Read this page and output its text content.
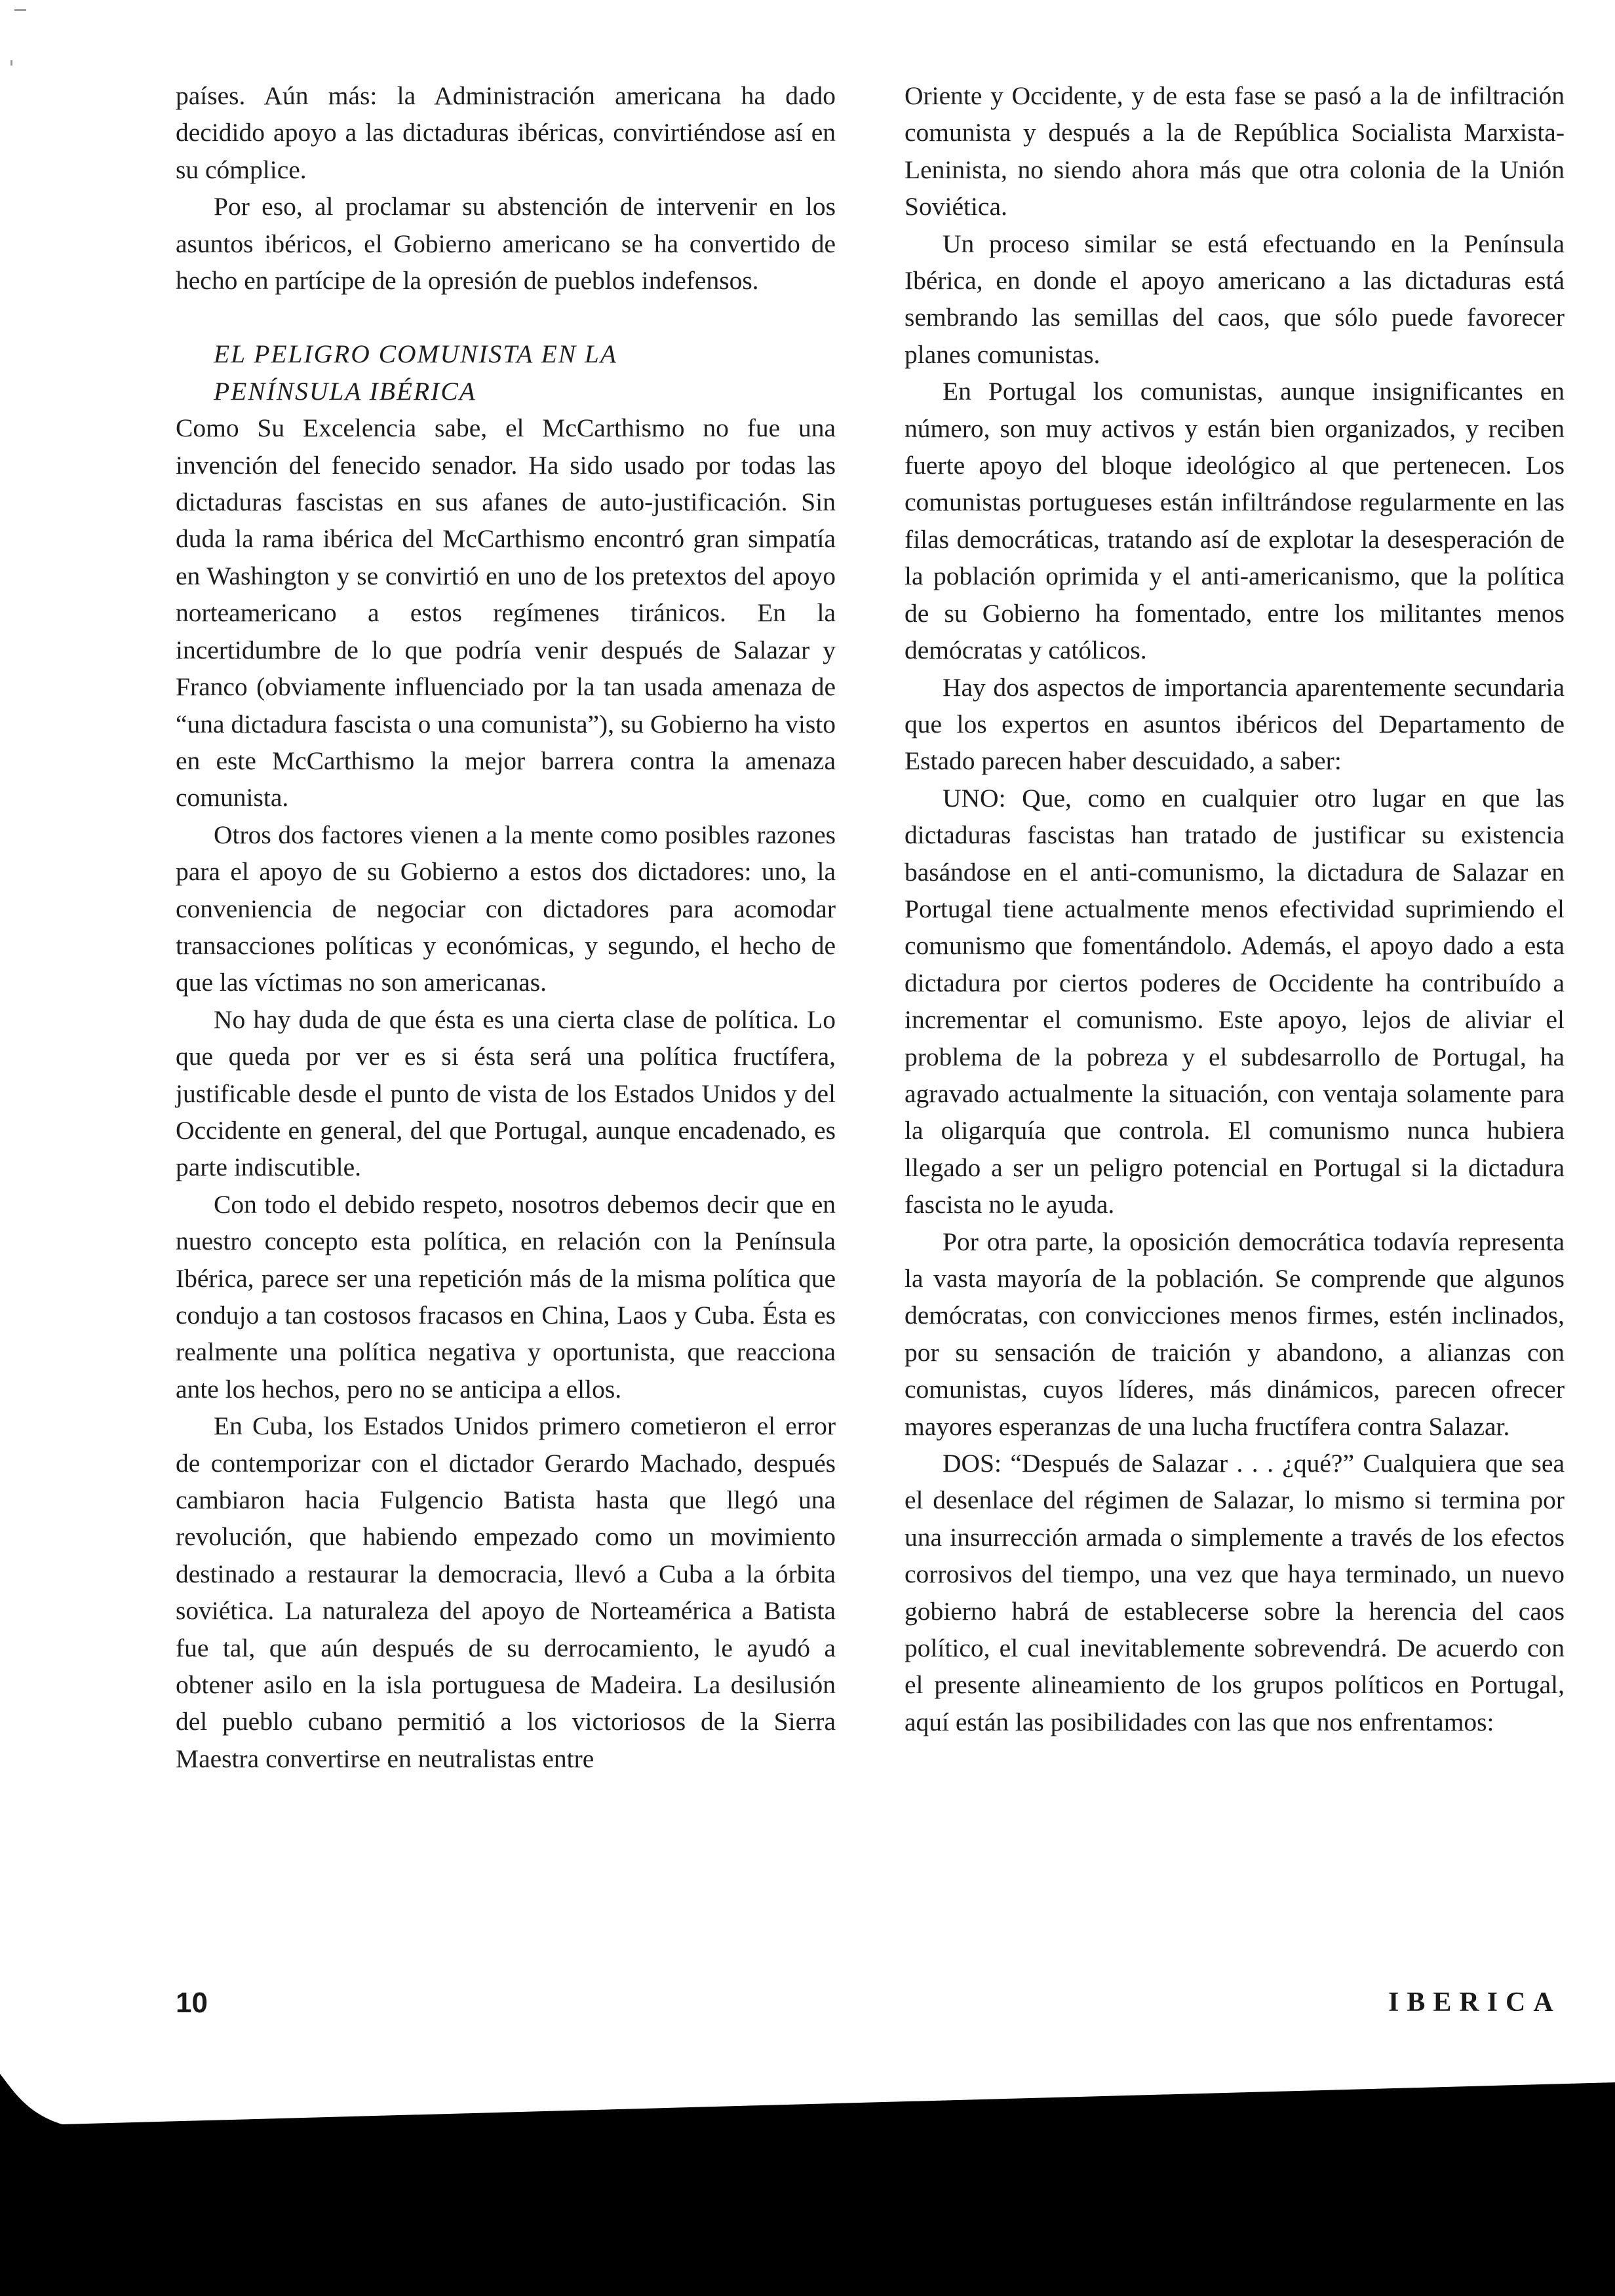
países. Aún más: la Administración americana ha dado decidido apoyo a las dictaduras ibéricas, convirtiéndose así en su cómplice.

Por eso, al proclamar su abstención de intervenir en los asuntos ibéricos, el Gobierno americano se ha convertido de hecho en partícipe de la opresión de pueblos indefensos.

EL PELIGRO COMUNISTA EN LA

PENÍNSULA IBÉRICA

Como Su Excelencia sabe, el McCarthismo no fue una invención del fenecido senador. Ha sido usado por todas las dictaduras fascistas en sus afanes de auto-justificación. Sin duda la rama ibérica del McCarthismo encontró gran simpatía en Washington y se convirtió en uno de los pretextos del apoyo norteamericano a estos regímenes tiránicos. En la incertidumbre de lo que podría venir después de Salazar y Franco (obviamente influenciado por la tan usada amenaza de “una dictadura fascista o una comunista”), su Gobierno ha visto en este McCarthismo la mejor barrera contra la amenaza comunista.

Otros dos factores vienen a la mente como posibles razones para el apoyo de su Gobierno a estos dos dictadores: uno, la conveniencia de negociar con dictadores para acomodar transacciones políticas y económicas, y segundo, el hecho de que las víctimas no son americanas.

No hay duda de que ésta es una cierta clase de política. Lo que queda por ver es si ésta será una política fructífera, justificable desde el punto de vista de los Estados Unidos y del Occidente en general, del que Portugal, aunque encadenado, es parte indiscutible.

Con todo el debido respeto, nosotros debemos decir que en nuestro concepto esta política, en relación con la Península Ibérica, parece ser una repetición más de la misma política que condujo a tan costosos fracasos en China, Laos y Cuba. Ésta es realmente una política negativa y oportunista, que reacciona ante los hechos, pero no se anticipa a ellos.

En Cuba, los Estados Unidos primero cometieron el error de contemporizar con el dictador Gerardo Machado, después cambiaron hacia Fulgencio Batista hasta que llegó una revolución, que habiendo empezado como un movimiento destinado a restaurar la democracia, llevó a Cuba a la órbita soviética. La naturaleza del apoyo de Norteamérica a Batista fue tal, que aún después de su derrocamiento, le ayudó a obtener asilo en la isla portuguesa de Madeira. La desilusión del pueblo cubano permitió a los victoriosos de la Sierra Maestra convertirse en neutralistas entre

Oriente y Occidente, y de esta fase se pasó a la de infiltración comunista y después a la de República Socialista Marxista-Leninista, no siendo ahora más que otra colonia de la Unión Soviética.

Un proceso similar se está efectuando en la Península Ibérica, en donde el apoyo americano a las dictaduras está sembrando las semillas del caos, que sólo puede favorecer planes comunistas.

En Portugal los comunistas, aunque insignificantes en número, son muy activos y están bien organizados, y reciben fuerte apoyo del bloque ideológico al que pertenecen. Los comunistas portugueses están infiltrándose regularmente en las filas democráticas, tratando así de explotar la desesperación de la población oprimida y el anti-americanismo, que la política de su Gobierno ha fomentado, entre los militantes menos demócratas y católicos.

Hay dos aspectos de importancia aparentemente secundaria que los expertos en asuntos ibéricos del Departamento de Estado parecen haber descuidado, a saber:

UNO: Que, como en cualquier otro lugar en que las dictaduras fascistas han tratado de justificar su existencia basándose en el anti-comunismo, la dictadura de Salazar en Portugal tiene actualmente menos efectividad suprimiendo el comunismo que fomentándolo. Además, el apoyo dado a esta dictadura por ciertos poderes de Occidente ha contribuído a incrementar el comunismo. Este apoyo, lejos de aliviar el problema de la pobreza y el subdesarrollo de Portugal, ha agravado actualmente la situación, con ventaja solamente para la oligarquía que controla. El comunismo nunca hubiera llegado a ser un peligro potencial en Portugal si la dictadura fascista no le ayuda.

Por otra parte, la oposición democrática todavía representa la vasta mayoría de la población. Se comprende que algunos demócratas, con convicciones menos firmes, estén inclinados, por su sensación de traición y abandono, a alianzas con comunistas, cuyos líderes, más dinámicos, parecen ofrecer mayores esperanzas de una lucha fructífera contra Salazar.

DOS: “Después de Salazar . . . ¿qué?” Cualquiera que sea el desenlace del régimen de Salazar, lo mismo si termina por una insurrección armada o simplemente a través de los efectos corrosivos del tiempo, una vez que haya terminado, un nuevo gobierno habrá de establecerse sobre la herencia del caos político, el cual inevitablemente sobrevendrá. De acuerdo con el presente alineamiento de los grupos políticos en Portugal, aquí están las posibilidades con las que nos enfrentamos:

10	IBERICA
